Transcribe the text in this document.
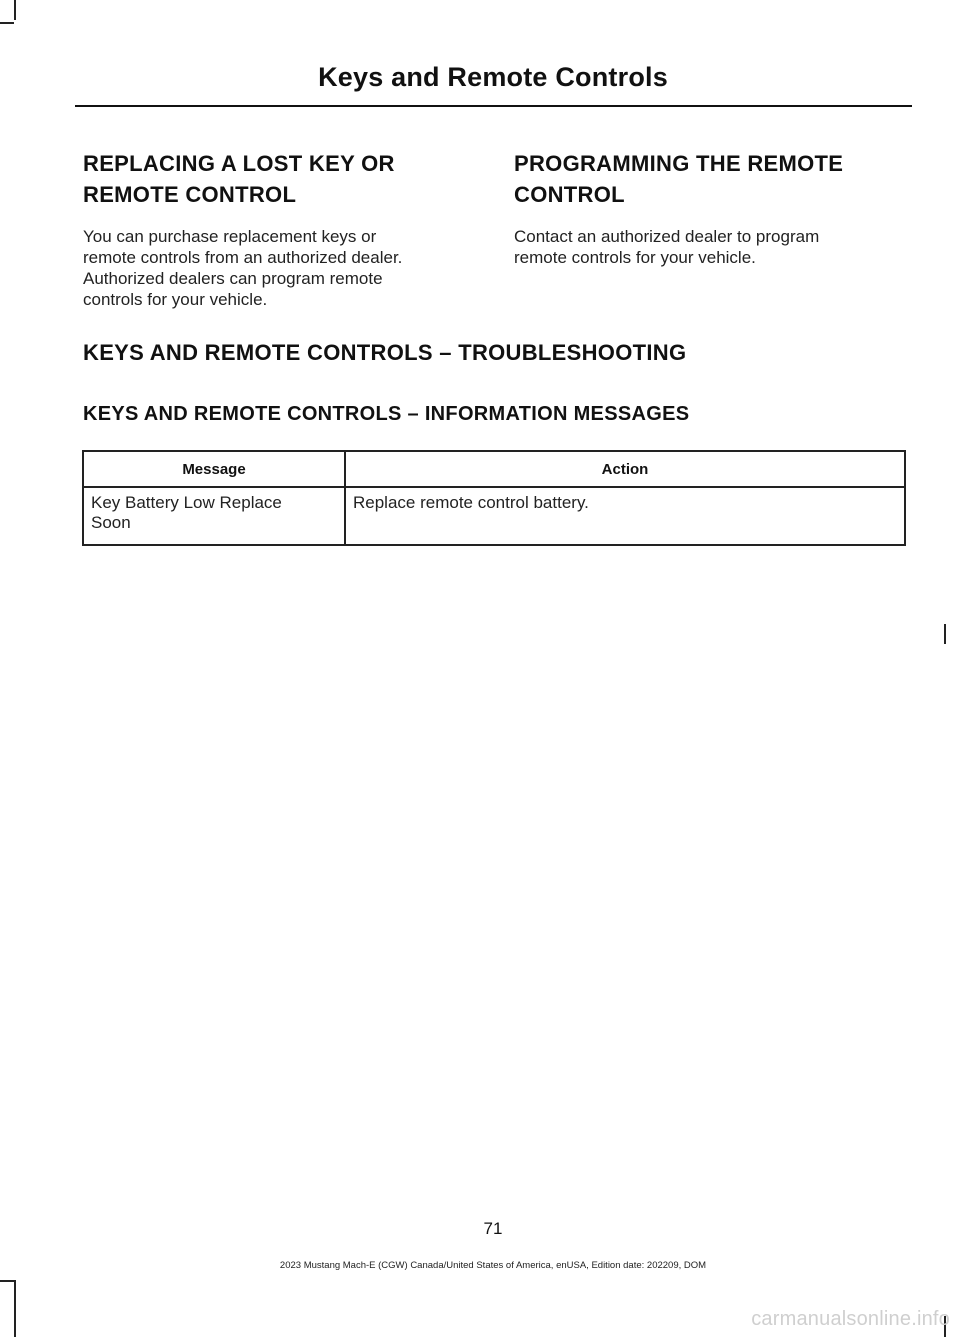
Keys and Remote Controls
REPLACING A LOST KEY OR
REMOTE CONTROL

You can purchase replacement keys or
remote controls from an authorized dealer.
Authorized dealers can program remote
controls for your vehicle.

PROGRAMMING THE REMOTE
CONTROL

Contact an authorized dealer to program
remote controls for your vehicle.

KEYS AND REMOTE CONTROLS – TROUBLESHOOTING
KEYS AND REMOTE CONTROLS – INFORMATION MESSAGES
Message	Action

Key Battery Low Replace
Soon	Replace remote control battery.
71
2023 Mustang Mach-E (CGW) Canada/United States of America, enUSA, Edition date: 202209, DOM
carmanualsonline.info
